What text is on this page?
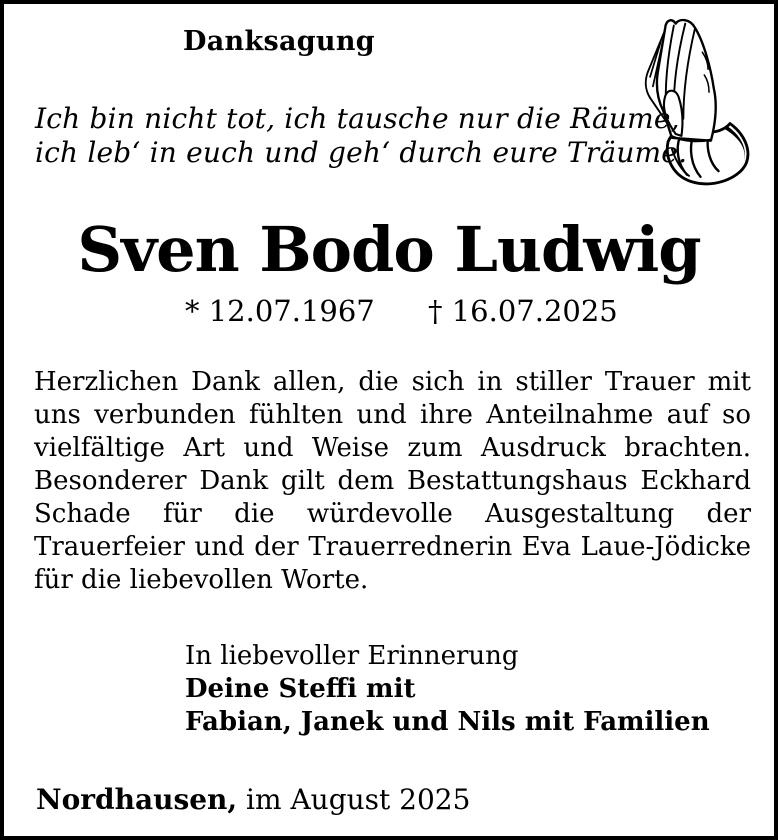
Danksagung
Ich bin nicht tot, ich tausche nur die Räume,
ich leb‘ in euch und geh‘ durch eure Träume.
Sven Bodo Ludwig
* 12.07.1967 † 16.07.2025
Herzlichen Dank allen, die sich in stiller Trauer mit
uns verbunden fühlten und ihre Anteilnahme auf so
vielfältige Art und Weise zum Ausdruck brachten.
Besonderer Dank gilt dem Bestattungshaus Eckhard
Schade für die würdevolle Ausgestaltung der
Trauerfeier und der Trauerrednerin Eva Laue-Jödicke
für die liebevollen Worte.
In liebevoller Erinnerung
Deine Steffi mit
Fabian, Janek und Nils mit Familien
Nordhausen, im August 2025
